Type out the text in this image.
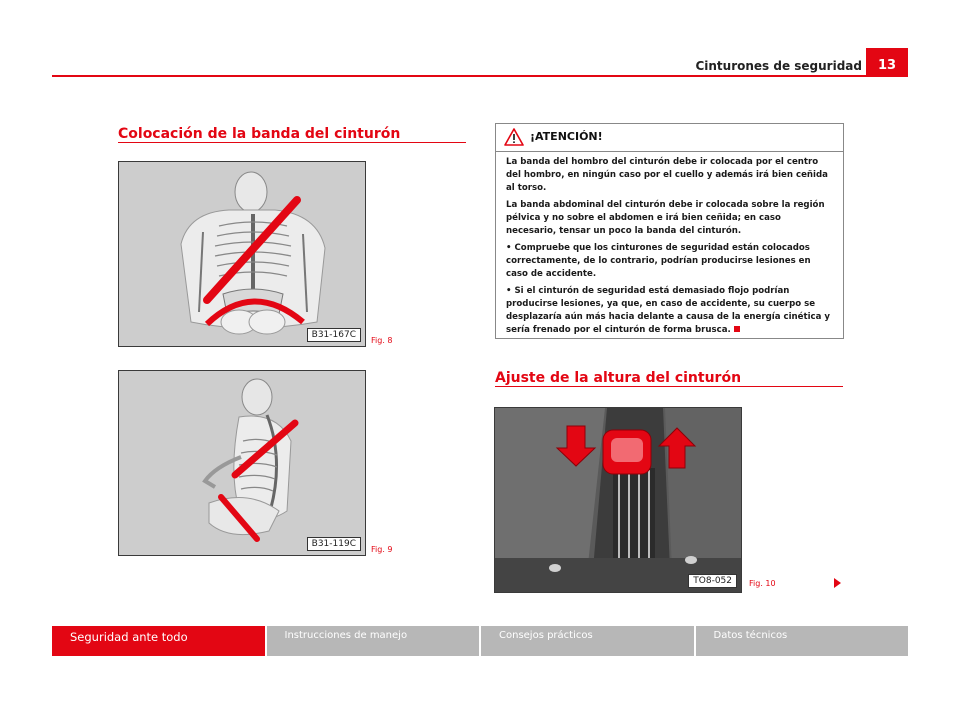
Cinturones de seguridad	13
Colocación de la banda del cinturón
B31-167C
Fig. 8
B31-119C
Fig. 9
¡ATENCIÓN!

La banda del hombro del cinturón debe ir colocada por el centro del hombro, en ningún caso por el cuello y además irá bien ceñida al torso.

La banda abdominal del cinturón debe ir colocada sobre la región pélvica y no sobre el abdomen e irá bien ceñida; en caso necesario, tensar un poco la banda del cinturón.

• Compruebe que los cinturones de seguridad están colocados correctamente, de lo contrario, podrían producirse lesiones en caso de accidente.

• Si el cinturón de seguridad está demasiado flojo podrían producirse lesiones, ya que, en caso de accidente, su cuerpo se desplazaría aún más hacia delante a causa de la energía cinética y sería frenado por el cinturón de forma brusca.

Ajuste de la altura del cinturón
TO8-052	Fig. 10
Seguridad ante todo	Instrucciones de manejo	Consejos prácticos	Datos técnicos
